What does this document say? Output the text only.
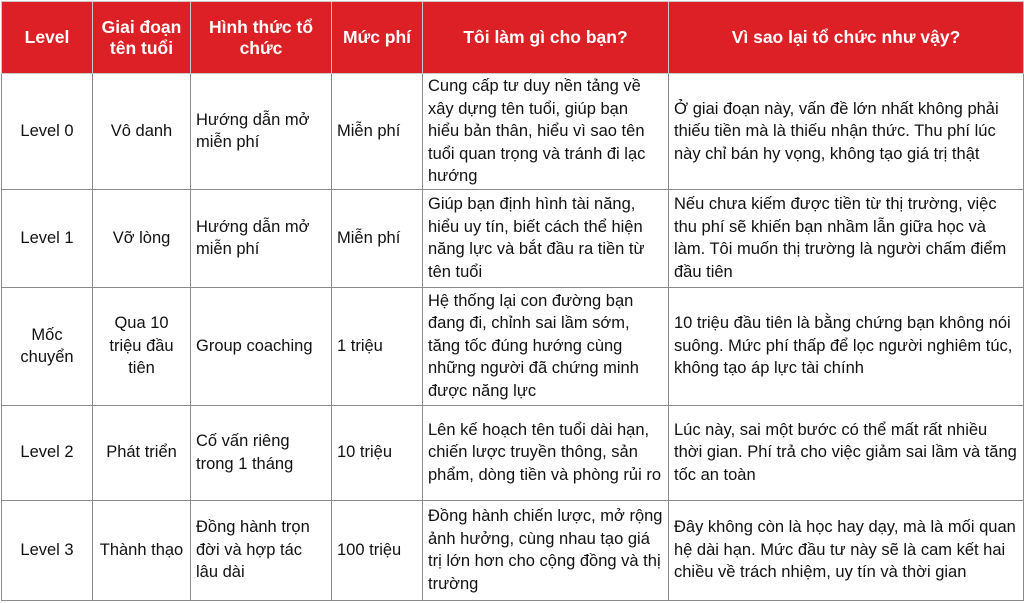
Level	Giai đoạn tên tuổi	Hình thức tổ chức	Mức phí	Tôi làm gì cho bạn?	Vì sao lại tổ chức như vậy?
Level 0	Vô danh	Hướng dẫn mở miễn phí	Miễn phí	Cung cấp tư duy nền tảng về xây dựng tên tuổi, giúp bạn hiểu bản thân, hiểu vì sao tên tuổi quan trọng và tránh đi lạc hướng	Ở giai đoạn này, vấn đề lớn nhất không phải thiếu tiền mà là thiếu nhận thức. Thu phí lúc này chỉ bán hy vọng, không tạo giá trị thật
Level 1	Vỡ lòng	Hướng dẫn mở miễn phí	Miễn phí	Giúp bạn định hình tài năng, hiểu uy tín, biết cách thể hiện năng lực và bắt đầu ra tiền từ tên tuổi	Nếu chưa kiếm được tiền từ thị trường, việc thu phí sẽ khiến bạn nhầm lẫn giữa học và làm. Tôi muốn thị trường là người chấm điểm đầu tiên
Mốc chuyển	Qua 10 triệu đầu tiên	Group coaching	1 triệu	Hệ thống lại con đường bạn đang đi, chỉnh sai lầm sớm, tăng tốc đúng hướng cùng những người đã chứng minh được năng lực	10 triệu đầu tiên là bằng chứng bạn không nói suông. Mức phí thấp để lọc người nghiêm túc, không tạo áp lực tài chính
Level 2	Phát triển	Cố vấn riêng trong 1 tháng	10 triệu	Lên kế hoạch tên tuổi dài hạn, chiến lược truyền thông, sản phẩm, dòng tiền và phòng rủi ro	Lúc này, sai một bước có thể mất rất nhiều thời gian. Phí trả cho việc giảm sai lầm và tăng tốc an toàn
Level 3	Thành thạo	Đồng hành trọn đời và hợp tác lâu dài	100 triệu	Đồng hành chiến lược, mở rộng ảnh hưởng, cùng nhau tạo giá trị lớn hơn cho cộng đồng và thị trường	Đây không còn là học hay dạy, mà là mối quan hệ dài hạn. Mức đầu tư này sẽ là cam kết hai chiều về trách nhiệm, uy tín và thời gian
